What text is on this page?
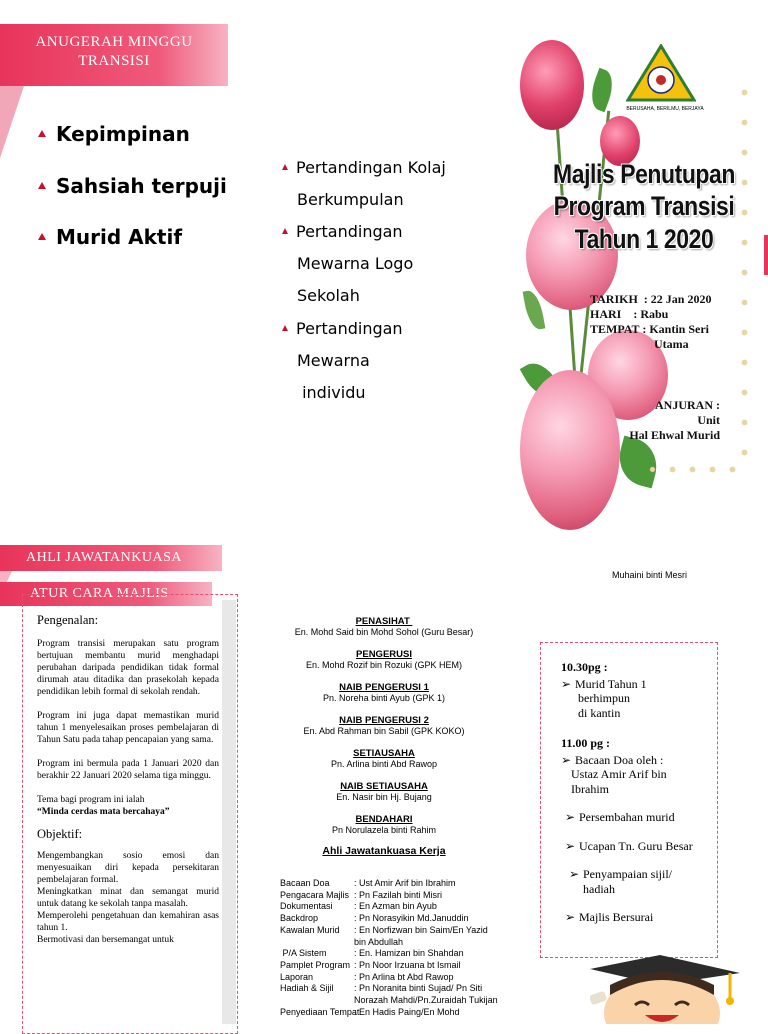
ANUGERAH MINGGU
TRANSISI
Kepimpinan
Sahsiah terpuji
Murid Aktif
Pertandingan Kolaj
Berkumpulan
Pertandingan
Mewarna Logo
Sekolah
Pertandingan
Mewarna
individu
BERUSAHA, BERILMU, BERJAYA
Majlis Penutupan
Program Transisi
Tahun 1 2020
TARIKH  : 22 Jan 2020
HARI    : Rabu
TEMPAT : Kantin Seri
Utama
ANJURAN :
Unit
Hal Ehwal Murid
Muhaini binti Mesri
AHLI JAWATANKUASA
ATUR CARA MAJLIS
Pengenalan:
Program transisi merupakan satu program bertujuan membantu murid menghadapi perubahan daripada pendidikan tidak formal dirumah atau ditadika dan prasekolah kepada pendidikan lebih formal di sekolah rendah.
Program ini juga dapat memastikan murid tahun 1 menyelesaikan proses pembelajaran di Tahun Satu pada tahap pencapaian yang sama.
Program ini bermula pada 1 Januari 2020 dan berakhir 22 Januari 2020 selama tiga minggu.
Tema bagi program ini ialah
“Minda cerdas mata bercahaya”
Objektif:
Mengembangkan sosio emosi dan menyesuaikan diri kepada persekitaran pembelajaran formal.
Meningkatkan minat dan semangat murid untuk datang ke sekolah tanpa masalah.
Memperolehi pengetahuan dan kemahiran asas tahun 1.
Bermotivasi dan bersemangat untuk
PENASIHAT
En. Mohd Said bin Mohd Sohol (Guru Besar)
PENGERUSI
En. Mohd Rozif bin Rozuki (GPK HEM)
NAIB PENGERUSI 1
Pn. Noreha binti Ayub (GPK 1)
NAIB PENGERUSI 2
En. Abd Rahman bin Sabil (GPK KOKO)
SETIAUSAHA
Pn. Arlina binti Abd Rawop
NAIB SETIAUSAHA
En. Nasir bin Hj. Bujang
BENDAHARI
Pn Norulazela binti Rahim
Ahli Jawatankuasa Kerja
Bacaan Doa	: Ust Amir Arif bin Ibrahim
Pengacara Majlis : Pn Fazilah binti Misri
Dokumentasi	: En Azman bin Ayub
Backdrop	: Pn Norasyikin Md.Januddin
Kawalan Murid	: En Norfizwan bin Saim/En Yazid bin Abdullah
P/A Sistem	: En. Hamizan bin Shahdan
Pamplet Program : Pn Noor Irzuana bt Ismail
Laporan	: Pn Arlina bt Abd Rawop
Hadiah & Sijil	: Pn Noranita binti Sujad/ Pn Siti Norazah Mahdi/Pn.Zuraidah Tukijan
Penyediaan Tempat
: En Hadis Paing/En Mohd
10.30pg :
➢ Murid Tahun 1
berhimpun
di kantin
11.00 pg :
➢ Bacaan Doa oleh :
Ustaz Amir Arif bin
Ibrahim
➢ Persembahan murid
➢ Ucapan Tn. Guru Besar
➢ Penyampaian sijil/
hadiah
➢ Majlis Bersurai
